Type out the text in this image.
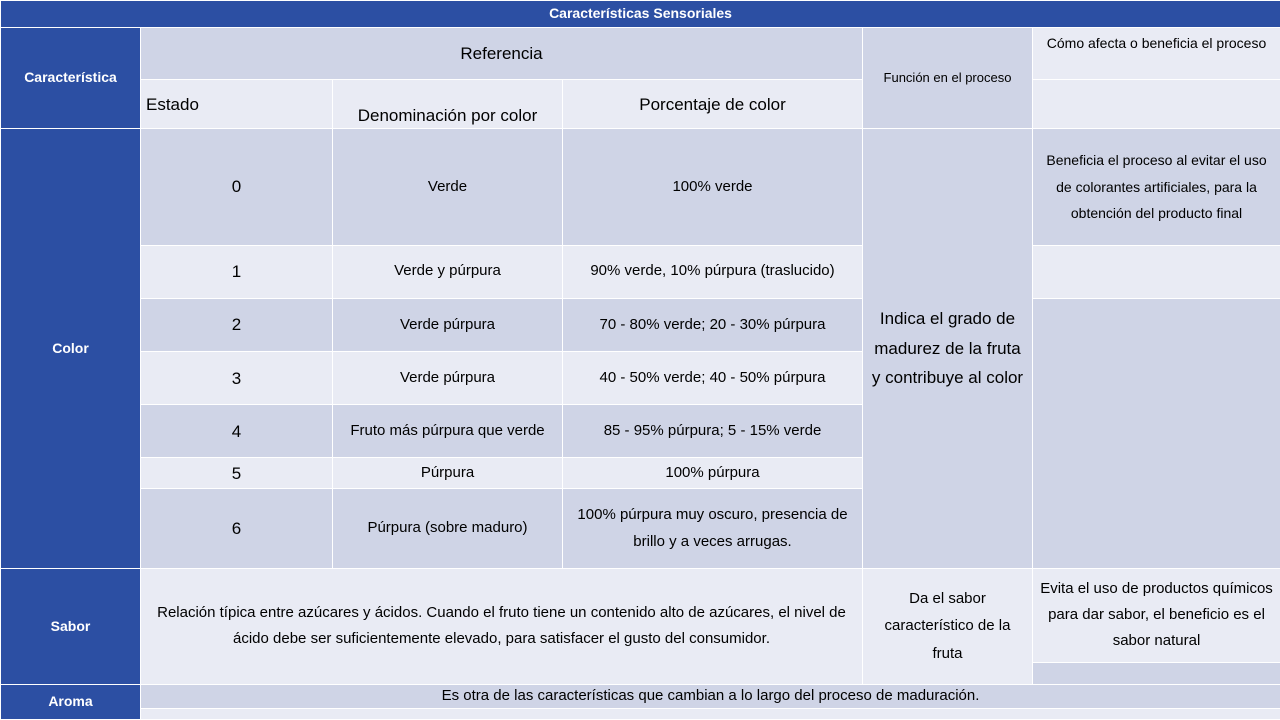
Características Sensoriales					
Característica	Referencia			Función en el proceso	Cómo afecta o beneficia el proceso
	Estado	Denominación por color	Porcentaje de color		
Color	0	Verde	100% verde	Indica el grado de madurez de la fruta y contribuye al color	Beneficia el proceso al evitar el uso de colorantes artificiales, para la obtención del producto final
	1	Verde y púrpura	90% verde, 10% púrpura (traslucido)		
	2	Verde púrpura	70 - 80% verde; 20 - 30% púrpura		
	3	Verde púrpura	40 - 50% verde; 40 - 50% púrpura		
	4	Fruto más púrpura que verde	85 - 95% púrpura; 5 - 15% verde		
	5	Púrpura	100% púrpura		
	6	Púrpura (sobre maduro)	100% púrpura muy oscuro, presencia de brillo y a veces arrugas.		
Sabor	Relación típica entre azúcares y ácidos. Cuando el fruto tiene un contenido alto de azúcares, el nivel de ácido debe ser suficientemente elevado, para satisfacer el gusto del consumidor.			Da el sabor característico de la fruta	Evita el uso de productos químicos para dar sabor, el beneficio es el sabor natural

Aroma	Es otra de las características que cambian a lo largo del proceso de maduración.				
